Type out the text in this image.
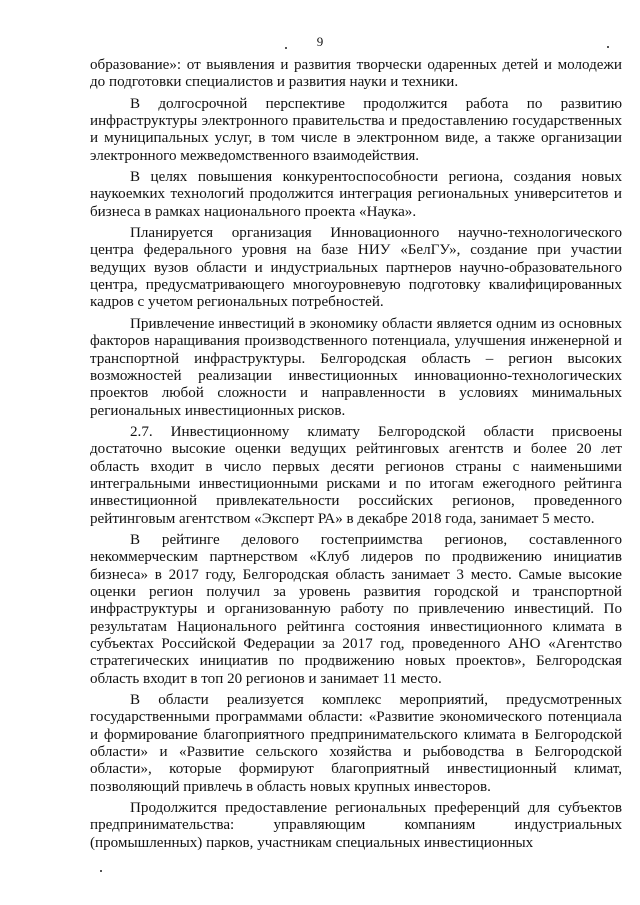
9

образование»: от выявления и развития творчески одаренных детей и молодежи до подготовки специалистов и развития науки и техники.

В долгосрочной перспективе продолжится работа по развитию инфраструктуры электронного правительства и предоставлению государственных и муниципальных услуг, в том числе в электронном виде, а также организации электронного межведомственного взаимодействия.

В целях повышения конкурентоспособности региона, создания новых наукоемких технологий продолжится интеграция региональных университетов и бизнеса в рамках национального проекта «Наука».

Планируется организация Инновационного научно-технологического центра федерального уровня на базе НИУ «БелГУ», создание при участии ведущих вузов области и индустриальных партнеров научно-образовательного центра, предусматривающего многоуровневую подготовку квалифицированных кадров с учетом региональных потребностей.

Привлечение инвестиций в экономику области является одним из основных факторов наращивания производственного потенциала, улучшения инженерной и транспортной инфраструктуры. Белгородская область – регион высоких возможностей реализации инвестиционных инновационно-технологических проектов любой сложности и направленности в условиях минимальных региональных инвестиционных рисков.

2.7. Инвестиционному климату Белгородской области присвоены достаточно высокие оценки ведущих рейтинговых агентств и более 20 лет область входит в число первых десяти регионов страны с наименьшими интегральными инвестиционными рисками и по итогам ежегодного рейтинга инвестиционной привлекательности российских регионов, проведенного рейтинговым агентством «Эксперт РА» в декабре 2018 года, занимает 5 место.

В рейтинге делового гостеприимства регионов, составленного некоммерческим партнерством «Клуб лидеров по продвижению инициатив бизнеса» в 2017 году, Белгородская область занимает 3 место. Самые высокие оценки регион получил за уровень развития городской и транспортной инфраструктуры и организованную работу по привлечению инвестиций. По результатам Национального рейтинга состояния инвестиционного климата в субъектах Российской Федерации за 2017 год, проведенного АНО «Агентство стратегических инициатив по продвижению новых проектов», Белгородская область входит в топ 20 регионов и занимает 11 место.

В области реализуется комплекс мероприятий, предусмотренных государственными программами области: «Развитие экономического потенциала и формирование благоприятного предпринимательского климата в Белгородской области» и «Развитие сельского хозяйства и рыбоводства в Белгородской области», которые формируют благоприятный инвестиционный климат, позволяющий привлечь в область новых крупных инвесторов.

Продолжится предоставление региональных преференций для субъектов предпринимательства: управляющим компаниям индустриальных (промышленных) парков, участникам специальных инвестиционных
